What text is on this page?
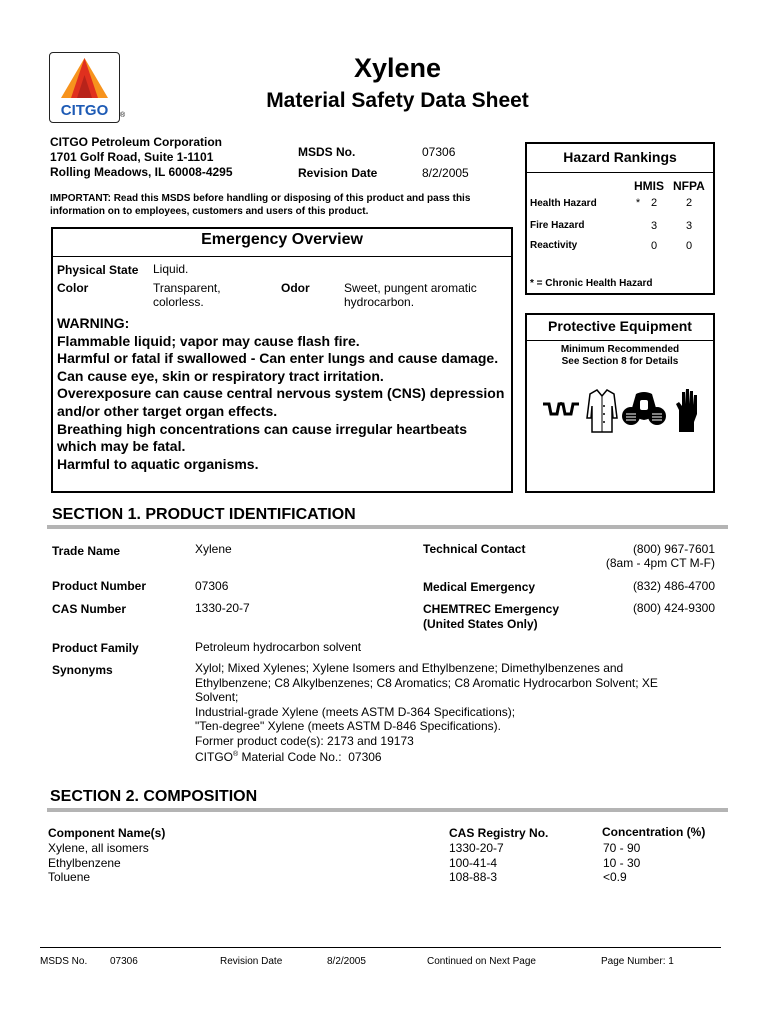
CITGO ®
Xylene
Material Safety Data Sheet
CITGO Petroleum Corporation
1701 Golf Road, Suite 1-1101
Rolling Meadows, IL 60008-4295
MSDS No.	07306
Revision Date	8/2/2005
IMPORTANT: Read this MSDS before handling or disposing of this product and pass this information on to employees, customers and users of this product.
Emergency Overview
Physical State Liquid.
Color	Transparent, colorless.
Odor	Sweet, pungent aromatic hydrocarbon.
WARNING:
Flammable liquid; vapor may cause flash fire.
Harmful or fatal if swallowed - Can enter lungs and cause damage.
Can cause eye, skin or respiratory tract irritation.
Overexposure can cause central nervous system (CNS) depression and/or other target organ effects.
Breathing high concentrations can cause irregular heartbeats which may be fatal.
Harmful to aquatic organisms.
Hazard Rankings
HMIS NFPA
Health Hazard	* 2	2
Fire Hazard	3	3
Reactivity	0	0
* = Chronic Health Hazard
Protective Equipment
Minimum Recommended
See Section 8 for Details
SECTION 1. PRODUCT IDENTIFICATION
Trade Name	Xylene
Product Number	07306
CAS Number	1330-20-7
Product Family	Petroleum hydrocarbon solvent
Synonyms	Xylol; Mixed Xylenes; Xylene Isomers and Ethylbenzene; Dimethylbenzenes and
Ethylbenzene; C8 Alkylbenzenes; C8 Aromatics; C8 Aromatic Hydrocarbon Solvent; XE
Solvent;
Industrial-grade Xylene (meets ASTM D-364 Specifications);
"Ten-degree" Xylene (meets ASTM D-846 Specifications).
Former product code(s): 2173 and 19173
CITGO® Material Code No.:  07306
Technical Contact	(800) 967-7601
(8am - 4pm CT M-F)
Medical Emergency	(832) 486-4700
CHEMTREC Emergency
(United States Only)
(800) 424-9300
SECTION 2. COMPOSITION
Component Name(s)	CAS Registry No.	Concentration (%)
Xylene, all isomers	1330-20-7	70 - 90
Ethylbenzene	100-41-4	10 - 30
Toluene	108-88-3	<0.9
MSDS No. 07306	Revision Date	8/2/2005	Continued on Next Page	Page Number: 1
